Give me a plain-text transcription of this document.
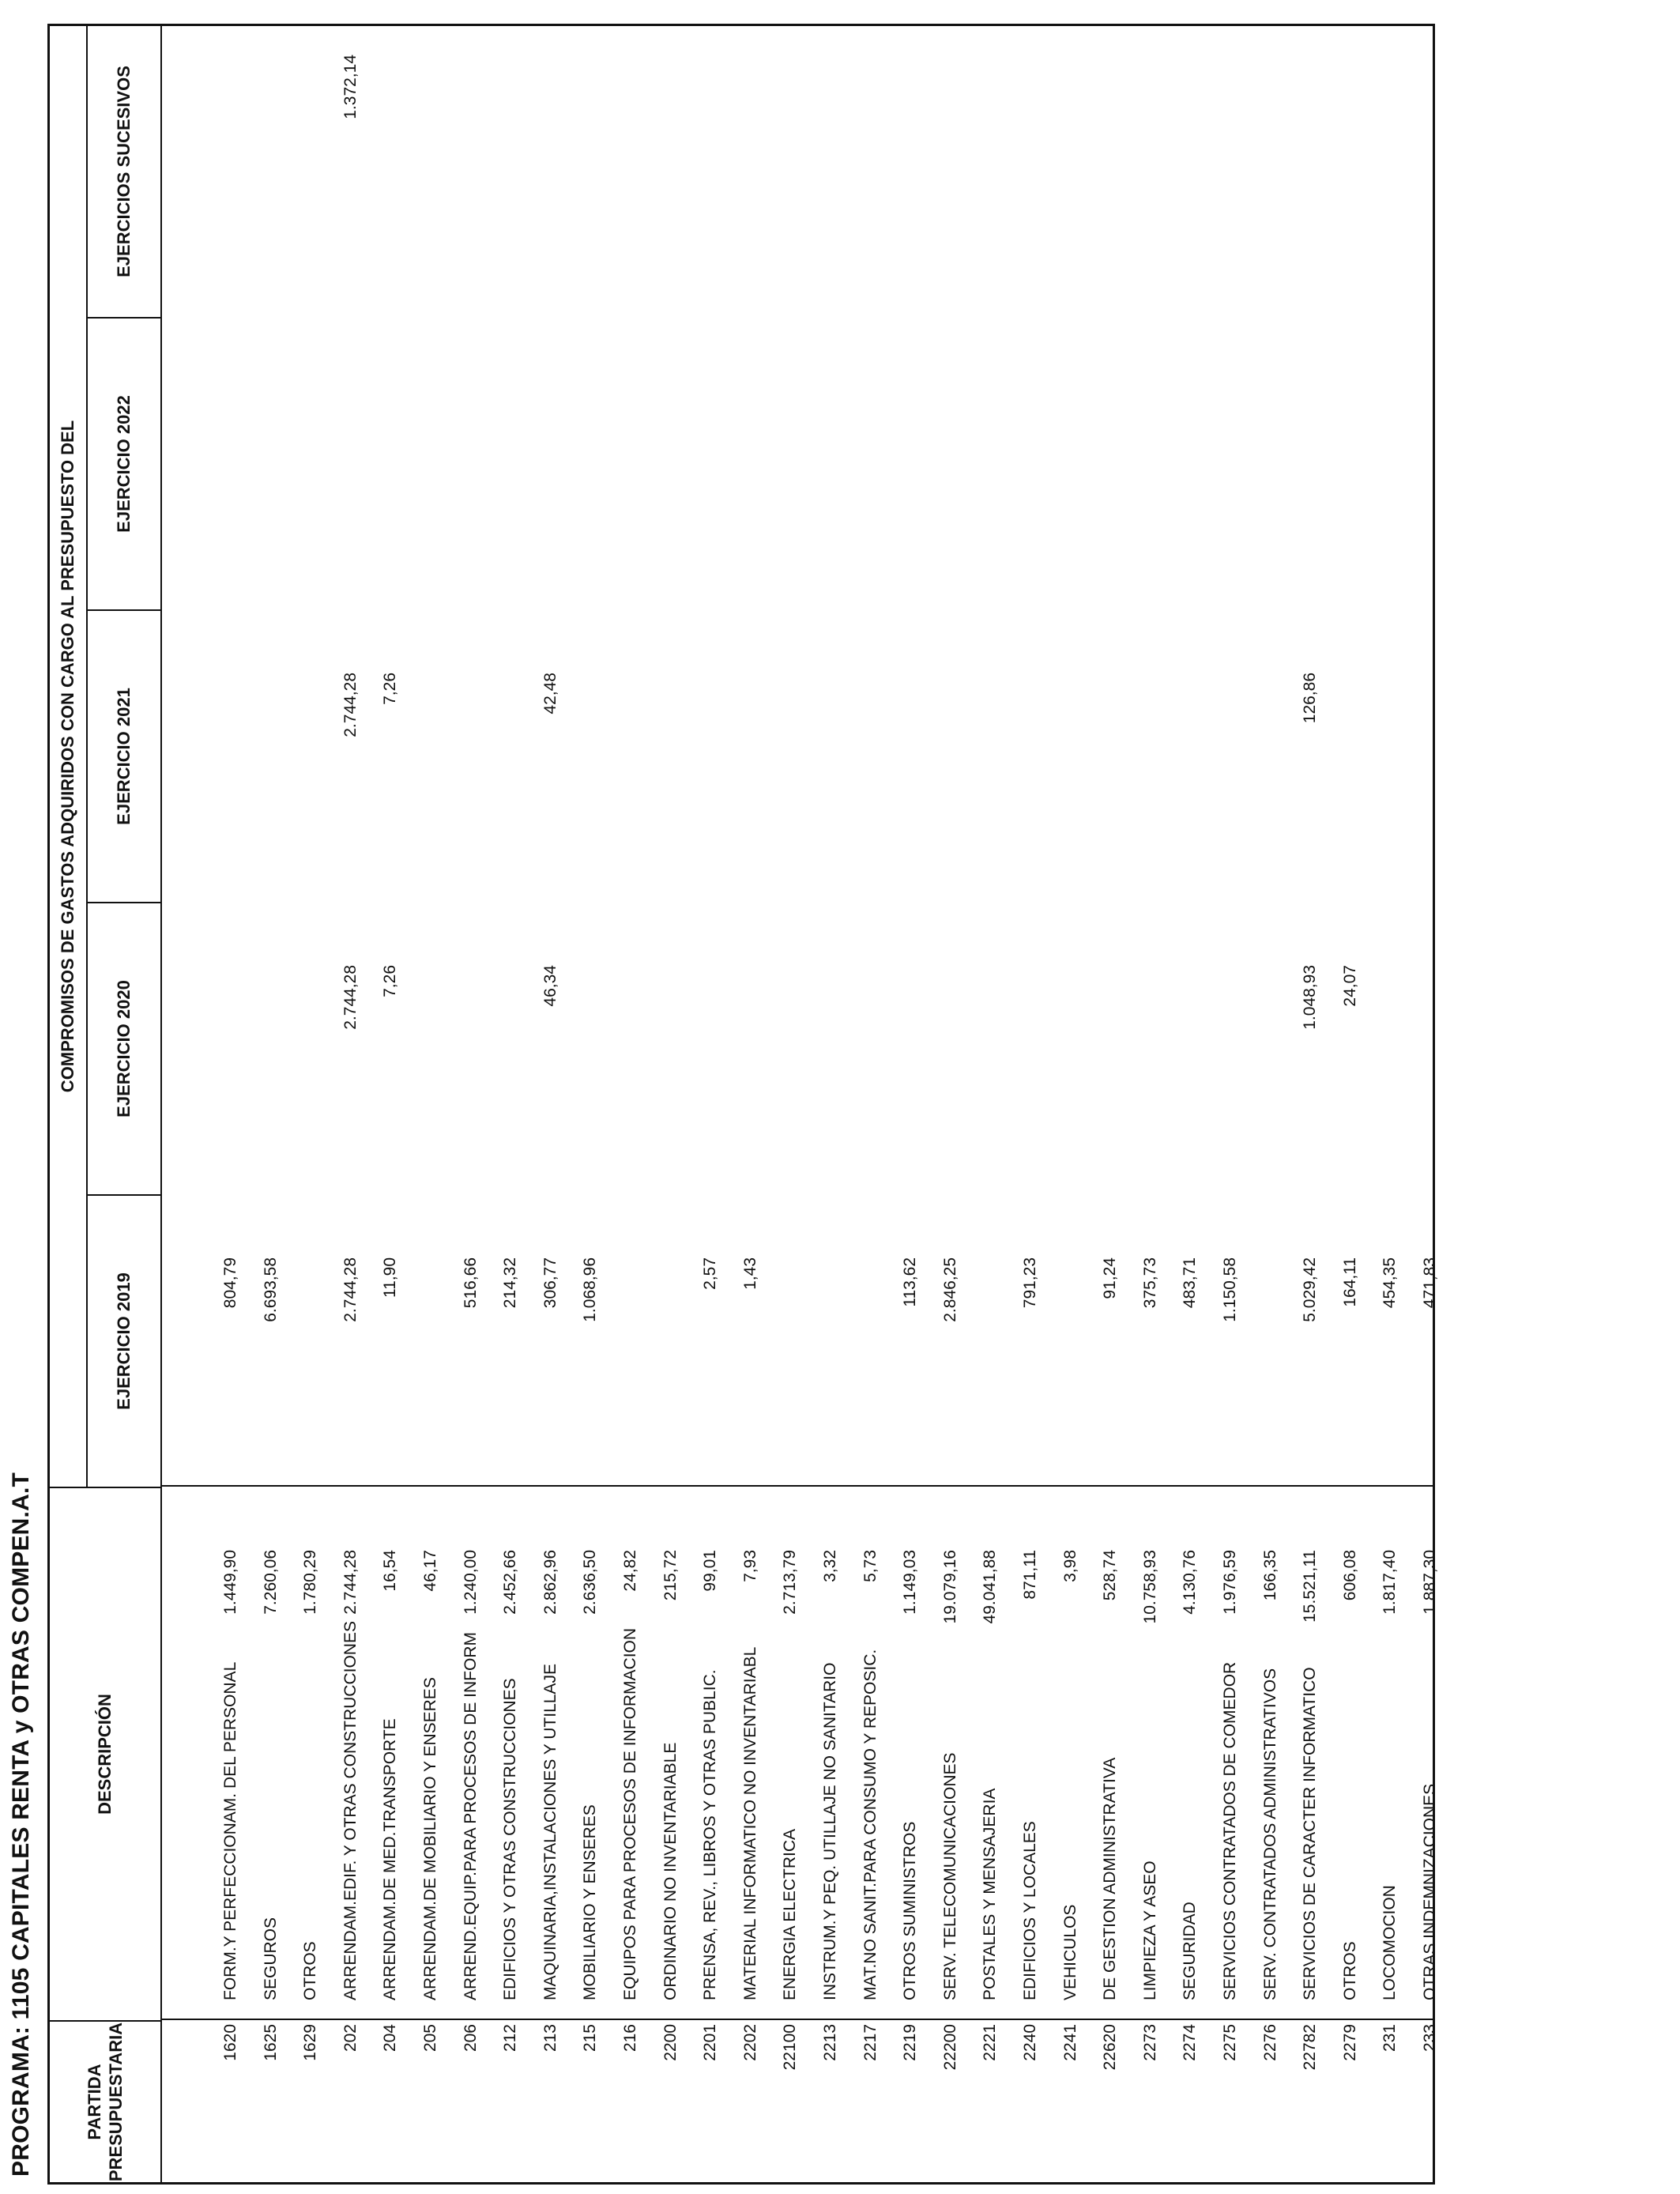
PROGRAMA: 1105 CAPITALES RENTA y OTRAS COMPEN.A.T	PARTIDA PRESUPUESTARIA
DESCRIPCIÓN
COMPROMISOS DE GASTOS ADQUIRIDOS CON CARGO AL PRESUPUESTO DEL
EJERCICIO 2019
EJERCICIO 2020
EJERCICIO 2021
EJERCICIO 2022
EJERCICIOS SUCESIVOS
1620
FORM.Y PERFECCIONAM. DEL PERSONAL
1.449,90
804,79
1625
SEGUROS
7.260,06
6.693,58
1629
OTROS
1.780,29
202
ARRENDAM.EDIF. Y OTRAS CONSTRUCCIONES
2.744,28
2.744,28
2.744,28
2.744,28
1.372,14
204
ARRENDAM.DE MED.TRANSPORTE
16,54
11,90
7,26
7,26
205
ARRENDAM.DE MOBILIARIO Y ENSERES
46,17
206
ARREND.EQUIP.PARA PROCESOS DE INFORM
1.240,00
516,66
212
EDIFICIOS Y OTRAS CONSTRUCCIONES
2.452,66
214,32
213
MAQUINARIA,INSTALACIONES Y UTILLAJE
2.862,96
306,77
46,34
42,48
215
MOBILIARIO Y ENSERES
2.636,50
1.068,96
216
EQUIPOS PARA PROCESOS DE INFORMACION
24,82
2200
ORDINARIO NO INVENTARIABLE
215,72
2201
PRENSA, REV., LIBROS Y OTRAS PUBLIC.
99,01
2,57
2202
MATERIAL INFORMATICO NO INVENTARIABL
7,93
1,43
22100
ENERGIA ELECTRICA
2.713,79
2213
INSTRUM.Y PEQ. UTILLAJE NO SANITARIO
3,32
2217
MAT.NO SANIT.PARA CONSUMO Y REPOSIC.
5,73
2219
OTROS SUMINISTROS
1.149,03
113,62
22200
SERV. TELECOMUNICACIONES
19.079,16
2.846,25
2221
POSTALES Y MENSAJERIA
49.041,88
2240
EDIFICIOS Y LOCALES
871,11
791,23
2241
VEHICULOS
3,98
22620
DE GESTION ADMINISTRATIVA
528,74
91,24
2273
LIMPIEZA Y ASEO
10.758,93
375,73
2274
SEGURIDAD
4.130,76
483,71
2275
SERVICIOS CONTRATADOS DE COMEDOR
1.976,59
1.150,58
2276
SERV. CONTRATADOS ADMINISTRATIVOS
166,35
22782
SERVICIOS DE CARACTER INFORMATICO
15.521,11
5.029,42
1.048,93
126,86
2279
OTROS
606,08
164,11
24,07
231
LOCOMOCION
1.817,40
454,35
233
OTRAS INDEMNIZACIONES
1.887,30
471,83
